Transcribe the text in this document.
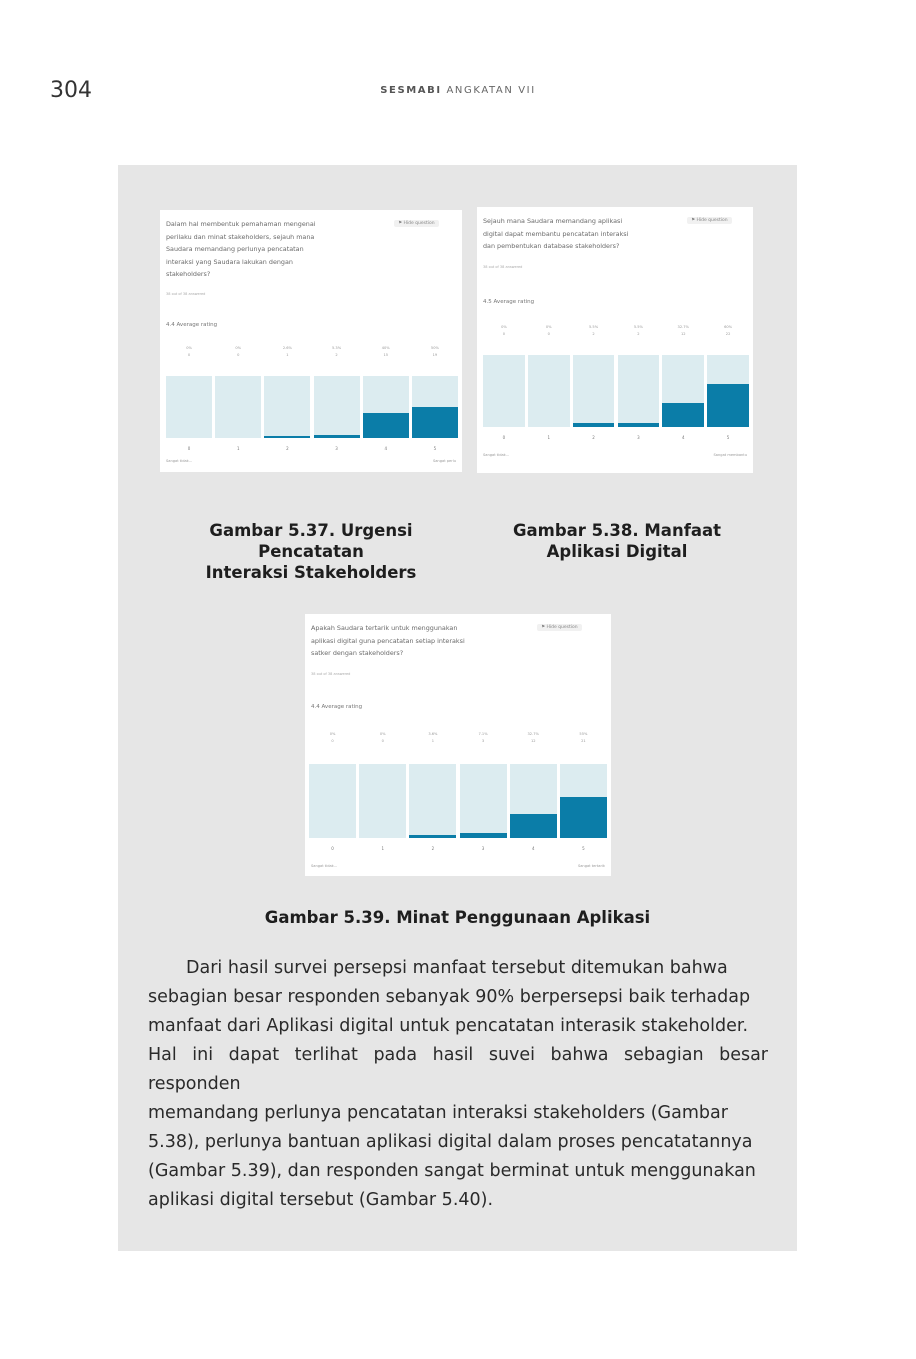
304	SESMABI ANGKATAN VII
Dalam hal membentuk pemahaman mengenai
perilaku dan minat stakeholders, sejauh mana
Saudara memandang perlunya pencatatan
interaksi yang Saudara lakukan dengan
stakeholders?
⚑ Hide question
38 out of 38 answered
4.4 Average rating
Sangat tidak...	Sangat perlu
0%
0
0
0%
0
1
2.6%
1
2
5.3%
2
3
40%
15
4
50%
19
5
Sejauh mana Saudara memandang aplikasi
digital dapat membantu pencatatan interaksi
dan pembentukan database stakeholders?
⚑ Hide question
38 out of 38 answered
4.5 Average rating
Sangat tidak...	Sangat membantu
0%
0
0
0%
0
1
5.5%
2
2
5.5%
2
3
32.7%
12
4
60%
22
5
Gambar 5.37. Urgensi Pencatatan
Interaksi Stakeholders
Gambar 5.38. Manfaat
Aplikasi Digital
Apakah Saudara tertarik untuk menggunakan
aplikasi digital guna pencatatan setiap interaksi
satker dengan stakeholders?
⚑ Hide question
38 out of 38 answered
4.4 Average rating
Sangat tidak...	Sangat tertarik
0%
0
0
0%
0
1
3.6%
1
2
7.1%
3
3
32.7%
12
4
55%
21
5
Gambar 5.39. Minat Penggunaan Aplikasi

Dari hasil survei persepsi manfaat tersebut ditemukan bahwa
sebagian besar responden sebanyak 90% berpersepsi baik terhadap
manfaat dari Aplikasi digital untuk pencatatan interasik stakeholder.
Hal ini dapat terlihat pada hasil suvei bahwa sebagian besar responden
memandang perlunya pencatatan interaksi stakeholders (Gambar
5.38), perlunya bantuan aplikasi digital dalam proses pencatatannya
(Gambar 5.39), dan responden sangat berminat untuk menggunakan
aplikasi digital tersebut (Gambar 5.40).
